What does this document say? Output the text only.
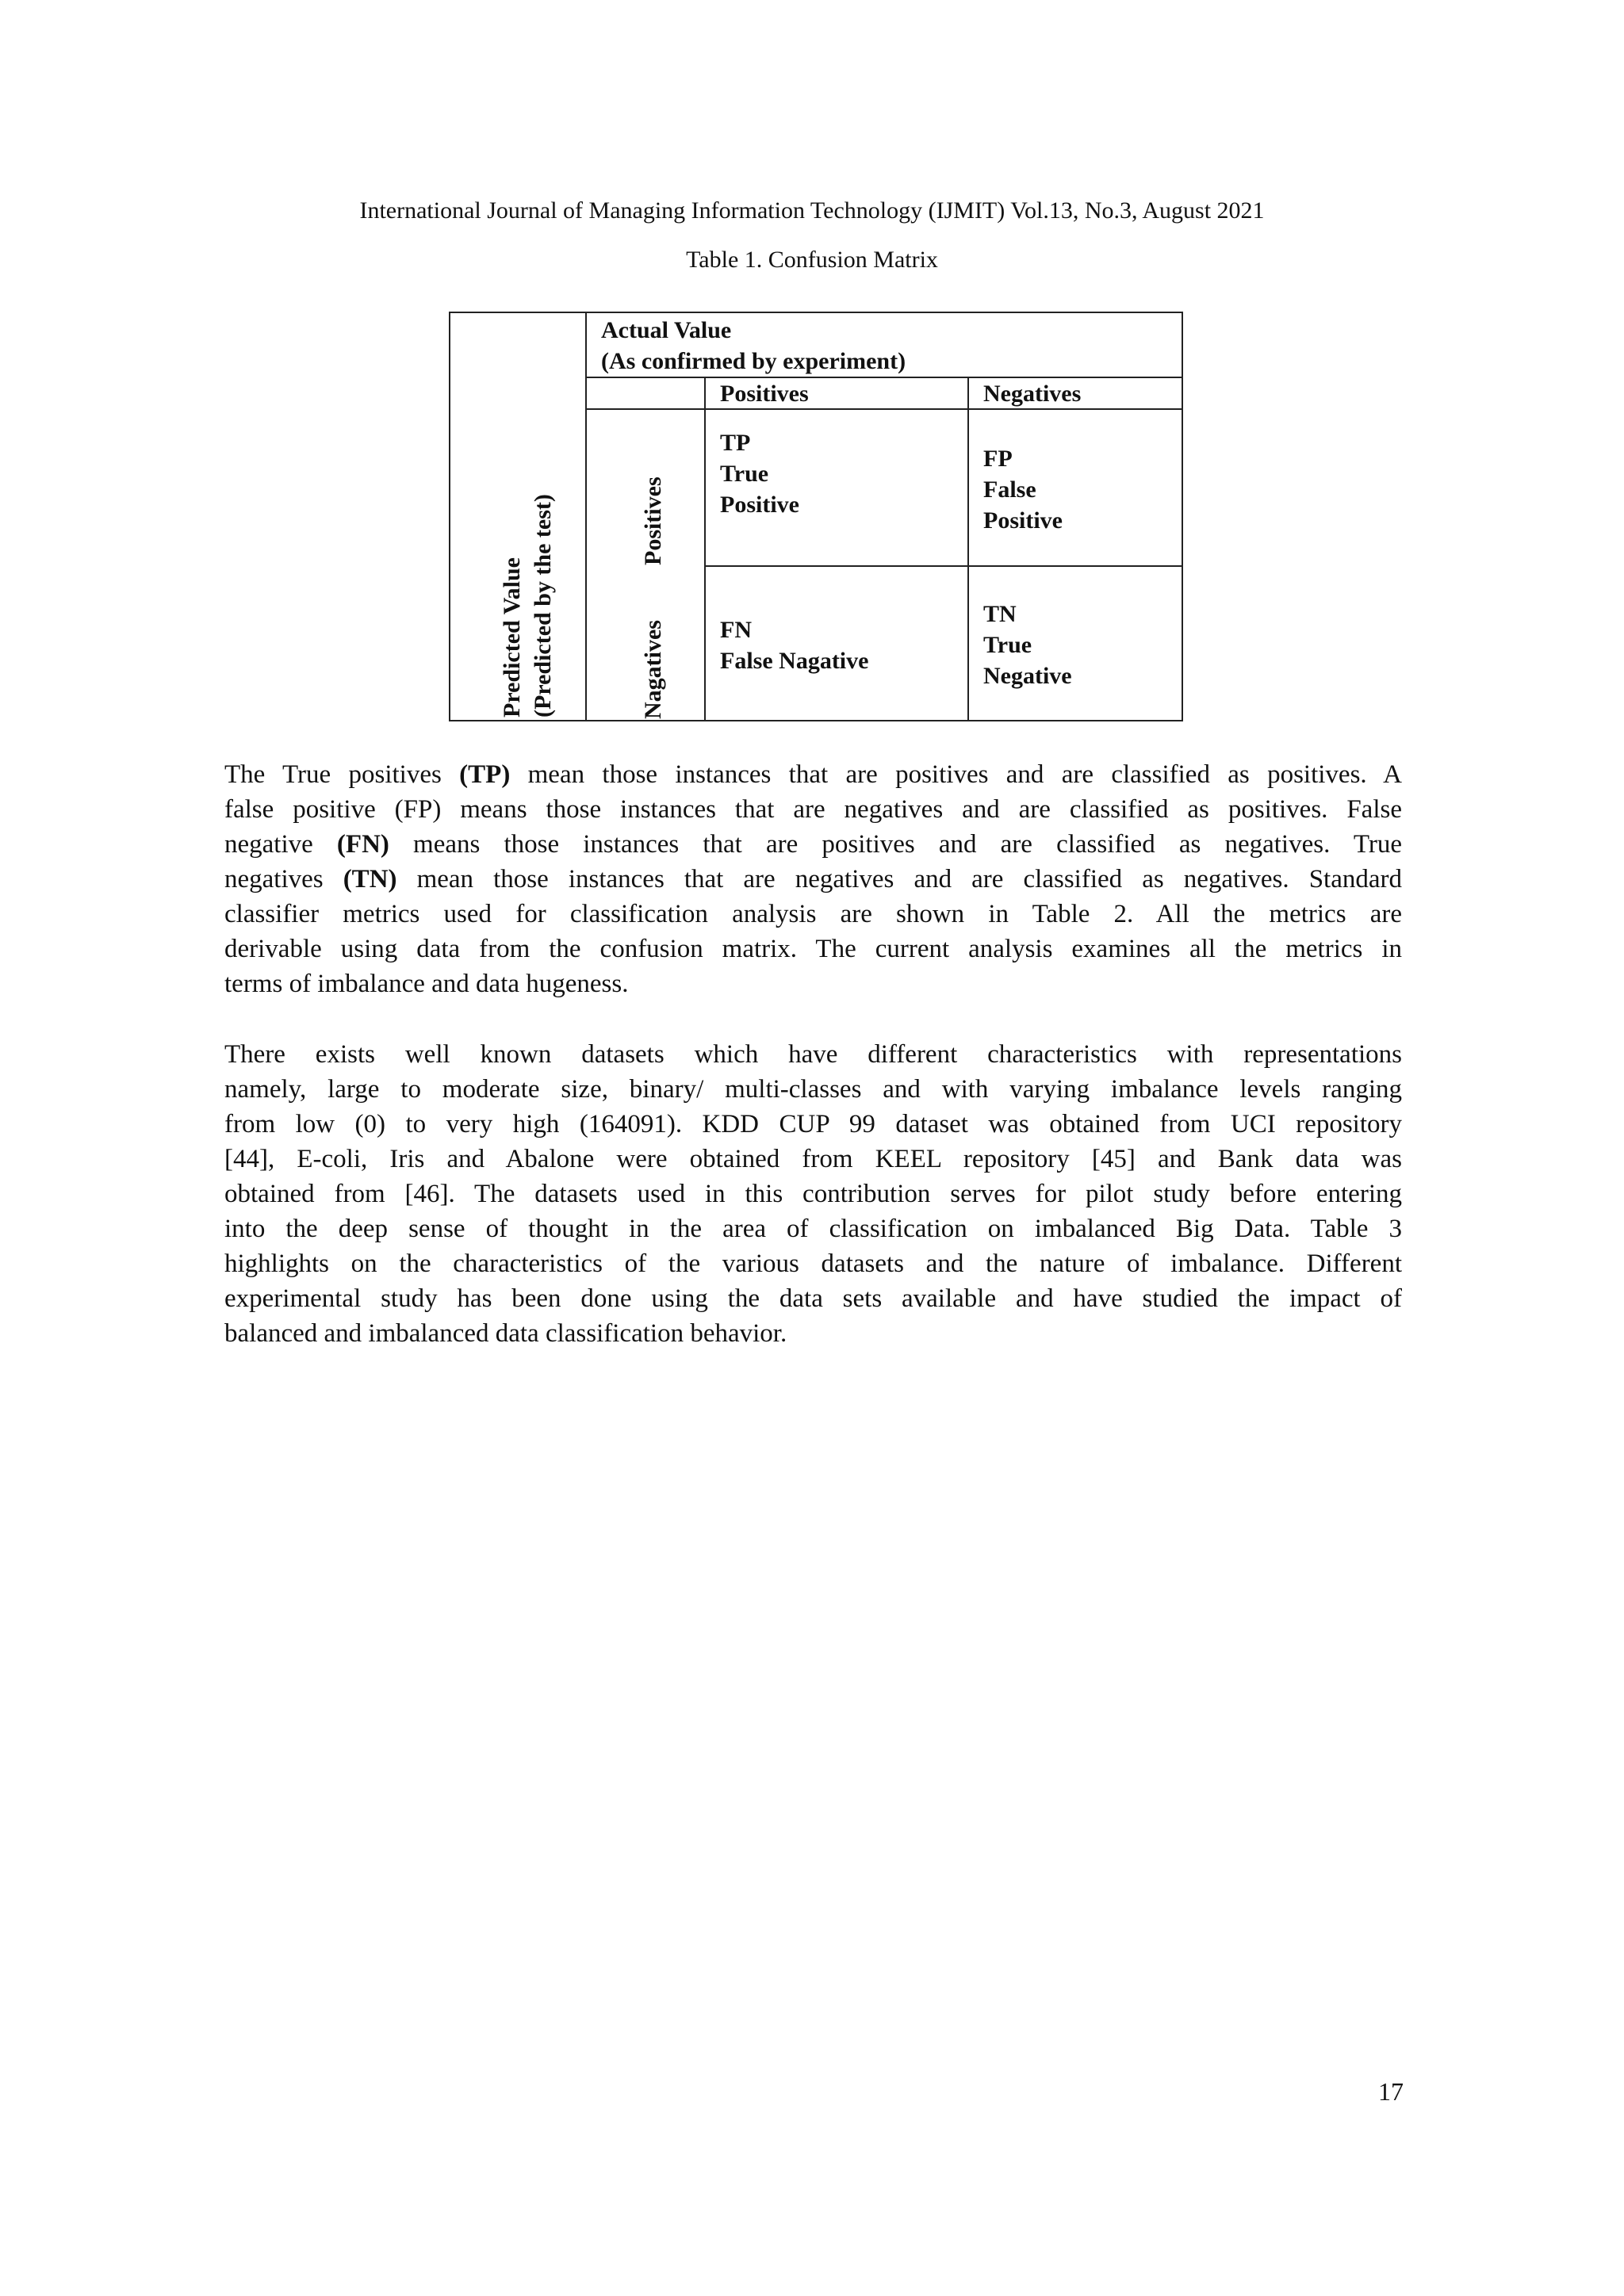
International Journal of Managing Information Technology (IJMIT) Vol.13, No.3, August 2021
Table 1. Confusion Matrix
Actual Value
(As confirmed by experiment)
Positives	Negatives
Predicted Value (Predicted by the test)	Positives
Nagatives
TP
True
Positive
FP
False
Positive
FN
False Nagative
TN
True
Negative
The True positives (TP) mean those instances that are positives and are classified as positives. A
false positive (FP) means those instances that are negatives and are classified as positives. False
negative (FN) means those instances that are positives and are classified as negatives. True
negatives (TN) mean those instances that are negatives and are classified as negatives. Standard
classifier metrics used for classification analysis are shown in Table 2. All the metrics are
derivable using data from the confusion matrix. The current analysis examines all the metrics in
terms of imbalance and data hugeness.
There exists well known datasets which have different characteristics with representations
namely, large to moderate size, binary/ multi-classes and with varying imbalance levels ranging
from low (0) to very high (164091). KDD CUP 99 dataset was obtained from UCI repository
[44], E-coli, Iris and Abalone were obtained from KEEL repository [45] and Bank data was
obtained from [46]. The datasets used in this contribution serves for pilot study before entering
into the deep sense of thought in the area of classification on imbalanced Big Data. Table 3
highlights on the characteristics of the various datasets and the nature of imbalance. Different
experimental study has been done using the data sets available and have studied the impact of
balanced and imbalanced data classification behavior.
17
